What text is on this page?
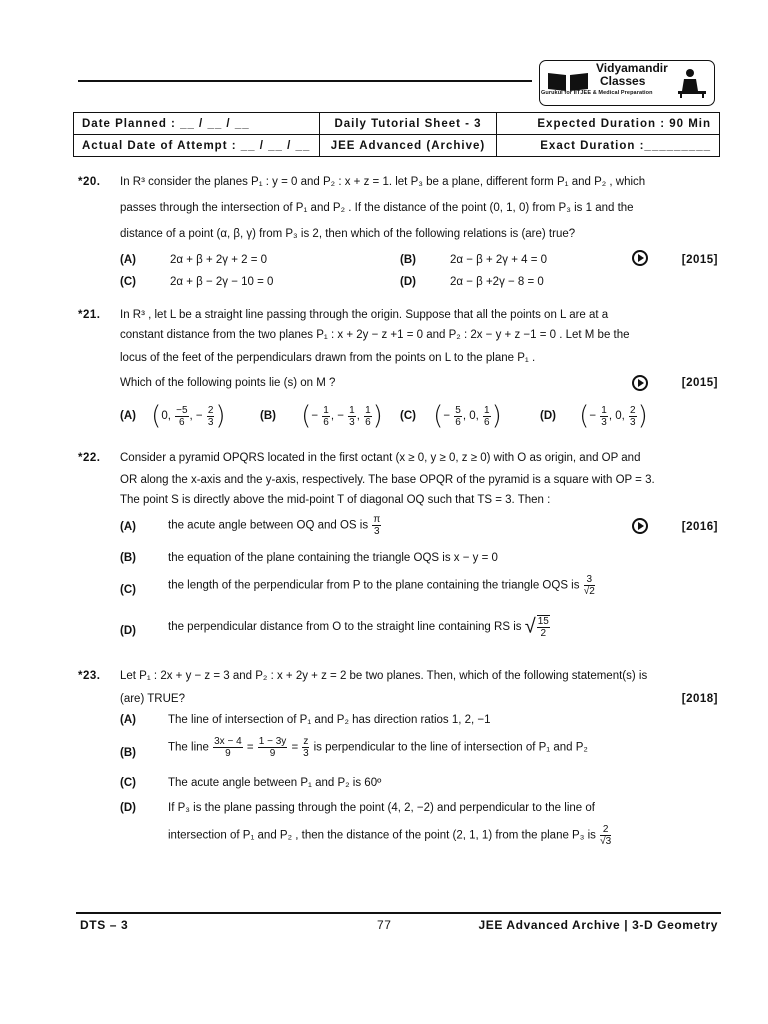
Vidyamandir
Classes
Gurukul for IITJEE & Medical Preparation
Date Planned : __ / __ / __	Daily Tutorial Sheet - 3	Expected Duration : 90 Min
Actual Date of Attempt : __ / __ / __	JEE Advanced (Archive)	Exact Duration :_________
*20. In R³ consider the planes P₁ : y = 0 and P₂ : x + z = 1. let P₃ be a plane, different form P₁ and P₂ , which
passes through the intersection of P₁ and P₂ . If the distance of the point (0, 1, 0) from P₃ is 1 and the
distance of a point (α, β, γ) from P₃ is 2, then which of the following relations is (are) true?
(A)	2α + β + 2γ + 2 = 0	(B)	2α − β + 2γ + 4 = 0	[2015]
(C)	2α + β − 2γ − 10 = 0	(D)	2α − β +2γ − 8 = 0
*21. In R³ , let L be a straight line passing through the origin. Suppose that all the points on L are at a
constant distance from the two planes P₁ : x + 2y − z +1 = 0 and P₂ : 2x − y + z −1 = 0 . Let M be the
locus of the feet of the perpendiculars drawn from the points on L to the plane P₁ .
Which of the following points lie (s) on M ?	[2015]
(A) (0, $\frac{-5}{6}$ , − $\frac{2}{3}$ )	(B) (− $\frac{1}{6}$ , − $\frac{1}{3}$ , $\frac{1}{6}$ ) (C) (− $\frac{5}{6}$ , 0, $\frac{1}{6}$ )	(D) (− $\frac{1}{3}$ , 0, $\frac{2}{3}$ )
*22. Consider a pyramid OPQRS located in the first octant (x ≥ 0, y ≥ 0, z ≥ 0) with O as origin, and OP and
OR along the x-axis and the y-axis, respectively. The base OPQR of the pyramid is a square with OP = 3.
The point S is directly above the mid-point T of diagonal OQ such that TS = 3. Then :
(A)	the acute angle between OQ and OS is $\frac{\pi}{3}$	[2016]
(B)	the equation of the plane containing the triangle OQS is x − y = 0
(C)	the length of the perpendicular from P to the plane containing the triangle OQS is $\frac{3}{√2}$
(D)	the perpendicular distance from O to the straight line containing RS is √ $\frac{15}{2}$
*23. Let P₁ : 2x + y − z = 3 and P₂ : x + 2y + z = 2 be two planes. Then, which of the following statement(s) is
(are) TRUE?	[2018]
(A)	The line of intersection of P₁ and P₂ has direction ratios 1, 2, −1
(B)	The line $\frac{3x - 4}{9} = \frac{1 - 3y}{9} = \frac{z}{3}$ is perpendicular to the line of intersection of P₁ and P₂
(C)	The acute angle between P₁ and P₂ is 60º
(D)	If P₃ is the plane passing through the point (4, 2, −2) and perpendicular to the line of
intersection of P₁ and P₂ , then the distance of the point (2, 1, 1) from the plane P₃ is $\frac{2}{√3}$
DTS – 3	77	JEE Advanced Archive | 3-D Geometry
